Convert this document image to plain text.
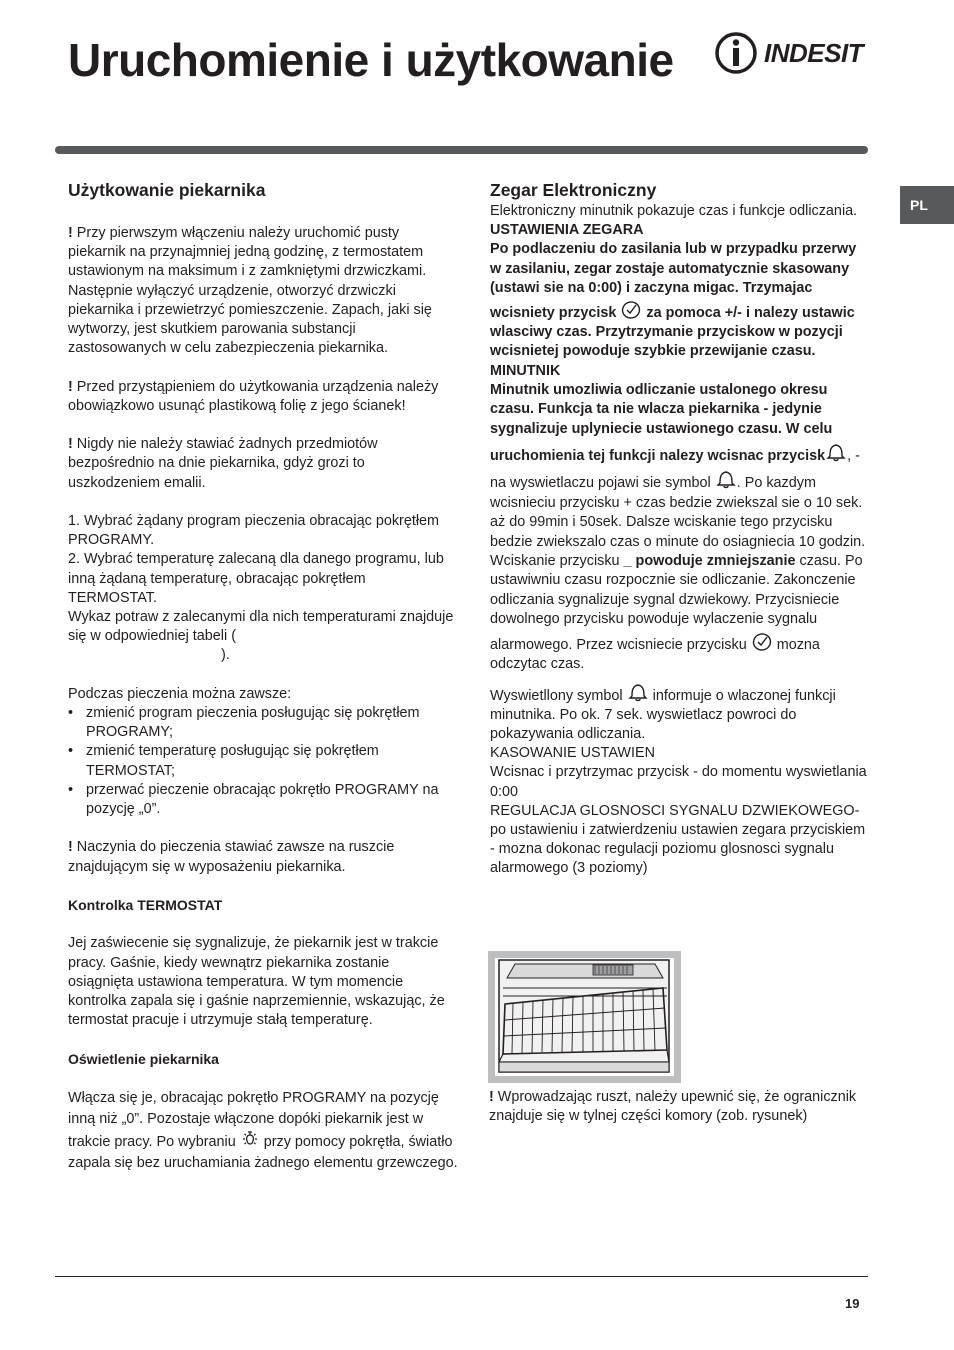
Uruchomienie i użytkowanie	INDESIT
PL
Użytkowanie piekarnika

! Przy pierwszym włączeniu należy uruchomić pusty piekarnik na przynajmniej jedną godzinę, z termostatem ustawionym na maksimum i z zamkniętymi drzwiczkami. Następnie wyłączyć urządzenie, otworzyć drzwiczki piekarnika i przewietrzyć pomieszczenie. Zapach, jaki się wytworzy, jest skutkiem parowania substancji zastosowanych w celu zabezpieczenia piekarnika.

! Przed przystąpieniem do użytkowania urządzenia należy obowiązkowo usunąć plastikową folię z jego ścianek!

! Nigdy nie należy stawiać żadnych przedmiotów bezpośrednio na dnie piekarnika, gdyż grozi to uszkodzeniem emalii.

1. Wybrać żądany program pieczenia obracając pokrętłem PROGRAMY.

2. Wybrać temperaturę zalecaną dla danego programu, lub inną żądaną temperaturę, obracając pokrętłem TERMOSTAT.

Wykaz potraw z zalecanymi dla nich temperaturami znajduje się w odpowiedniej tabeli (

).

Podczas pieczenia można zawsze:

• zmienić program pieczenia posługując się pokrętłem PROGRAMY;
• zmienić temperaturę posługując się pokrętłem TERMOSTAT;
• przerwać pieczenie obracając pokrętło PROGRAMY na pozycję „0”.

! Naczynia do pieczenia stawiać zawsze na ruszcie znajdującym się w wyposażeniu piekarnika.

Kontrolka TERMOSTAT

Jej zaświecenie się sygnalizuje, że piekarnik jest w trakcie pracy. Gaśnie, kiedy wewnątrz piekarnika zostanie osiągnięta ustawiona temperatura. W tym momencie kontrolka zapala się i gaśnie naprzemiennie, wskazując, że termostat pracuje i utrzymuje stałą temperaturę.

Oświetlenie piekarnika

Włącza się je, obracając pokrętło PROGRAMY na pozycję inną niż „0”. Pozostaje włączone dopóki piekarnik jest w trakcie pracy. Po wybraniu przy pomocy pokrętła, światło zapala się bez uruchamiania żadnego elementu grzewczego.

Zegar Elektroniczny

Elektroniczny minutnik pokazuje czas i funkcje odliczania.

USTAWIENIA ZEGARA

Po podlaczeniu do zasilania lub w przypadku przerwy w zasilaniu, zegar zostaje automatycznie skasowany (ustawi sie na 0:00) i zaczyna migac. Trzymajac wcisniety przycisk za pomoca +/- i nalezy ustawic wlasciwy czas. Przytrzymanie przyciskow w pozycji wcisnietej powoduje szybkie przewijanie czasu.

MINUTNIK

Minutnik umozliwia odliczanie ustalonego okresu czasu. Funkcja ta nie wlacza piekarnika - jedynie sygnalizuje uplyniecie ustawionego czasu. W celu uruchomienia tej funkcji nalezy wcisnac przycisk , - na wyswietlaczu pojawi sie symbol . Po kazdym wcisnieciu przycisku + czas bedzie zwiekszal sie o 10 sek. aż do 99min i 50sek. Dalsze wciskanie tego przycisku bedzie zwiekszalo czas o minute do osiagniecia 10 godzin. Wciskanie przycisku _ powoduje zmniejszanie czasu. Po ustawiwniu czasu rozpocznie sie odliczanie. Zakonczenie odliczania sygnalizuje sygnal dzwiekowy. Przycisniecie dowolnego przycisku powoduje wylaczenie sygnalu alarmowego. Przez wcisniecie przycisku mozna odczytac czas.

Wyswietllony symbol informuje o wlaczonej funkcji minutnika. Po ok. 7 sek. wyswietlacz powroci do pokazywania odliczania.

KASOWANIE USTAWIEN

Wcisnac i przytrzymac przycisk - do momentu wyswietlania 0:00

REGULACJA GLOSNOSCI SYGNALU DZWIEKOWEGO

- po ustawieniu i zatwierdzeniu ustawien zegara przyciskiem - mozna dokonac regulacji poziomu glosnosci sygnalu alarmowego (3 poziomy)

! Wprowadzając ruszt, należy upewnić się, że ogranicznik znajduje się w tylnej części komory (zob. rysunek)

19
